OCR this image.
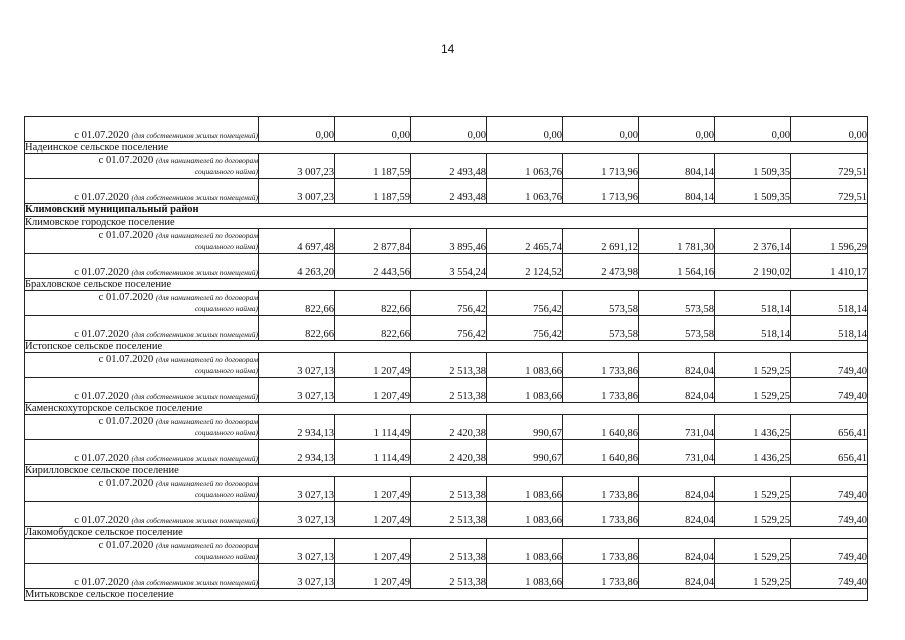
14
с 01.07.2020 (для собственников жилых помещений)	0,00	0,00	0,00	0,00	0,00	0,00	0,00	0,00
Надеинское сельское поселение								

с 01.07.2020 (для нанимателей по договорам
социального найма)	3 007,23	1 187,59	2 493,48	1 063,76	1 713,96	804,14	1 509,35	729,51
с 01.07.2020 (для собственников жилых помещений)	3 007,23	1 187,59	2 493,48	1 063,76	1 713,96	804,14	1 509,35	729,51
Климовский муниципальный район								
Климовское городское поселение								

с 01.07.2020 (для нанимателей по договорам
социального найма)	4 697,48	2 877,84	3 895,46	2 465,74	2 691,12	1 781,30	2 376,14	1 596,29
с 01.07.2020 (для собственников жилых помещений)	4 263,20	2 443,56	3 554,24	2 124,52	2 473,98	1 564,16	2 190,02	1 410,17
Брахловское сельское поселение								

с 01.07.2020 (для нанимателей по договорам
социального найма)	822,66	822,66	756,42	756,42	573,58	573,58	518,14	518,14
с 01.07.2020 (для собственников жилых помещений)	822,66	822,66	756,42	756,42	573,58	573,58	518,14	518,14
Истопское сельское поселение								

с 01.07.2020 (для нанимателей по договорам
социального найма)	3 027,13	1 207,49	2 513,38	1 083,66	1 733,86	824,04	1 529,25	749,40
с 01.07.2020 (для собственников жилых помещений)	3 027,13	1 207,49	2 513,38	1 083,66	1 733,86	824,04	1 529,25	749,40
Каменскохуторское сельское поселение								

с 01.07.2020 (для нанимателей по договорам
социального найма)	2 934,13	1 114,49	2 420,38	990,67	1 640,86	731,04	1 436,25	656,41
с 01.07.2020 (для собственников жилых помещений)	2 934,13	1 114,49	2 420,38	990,67	1 640,86	731,04	1 436,25	656,41
Кирилловское сельское поселение								

с 01.07.2020 (для нанимателей по договорам
социального найма)	3 027,13	1 207,49	2 513,38	1 083,66	1 733,86	824,04	1 529,25	749,40
с 01.07.2020 (для собственников жилых помещений)	3 027,13	1 207,49	2 513,38	1 083,66	1 733,86	824,04	1 529,25	749,40
Лакомобудское сельское поселение								

с 01.07.2020 (для нанимателей по договорам
социального найма)	3 027,13	1 207,49	2 513,38	1 083,66	1 733,86	824,04	1 529,25	749,40
с 01.07.2020 (для собственников жилых помещений)	3 027,13	1 207,49	2 513,38	1 083,66	1 733,86	824,04	1 529,25	749,40
Митьковское сельское поселение								
